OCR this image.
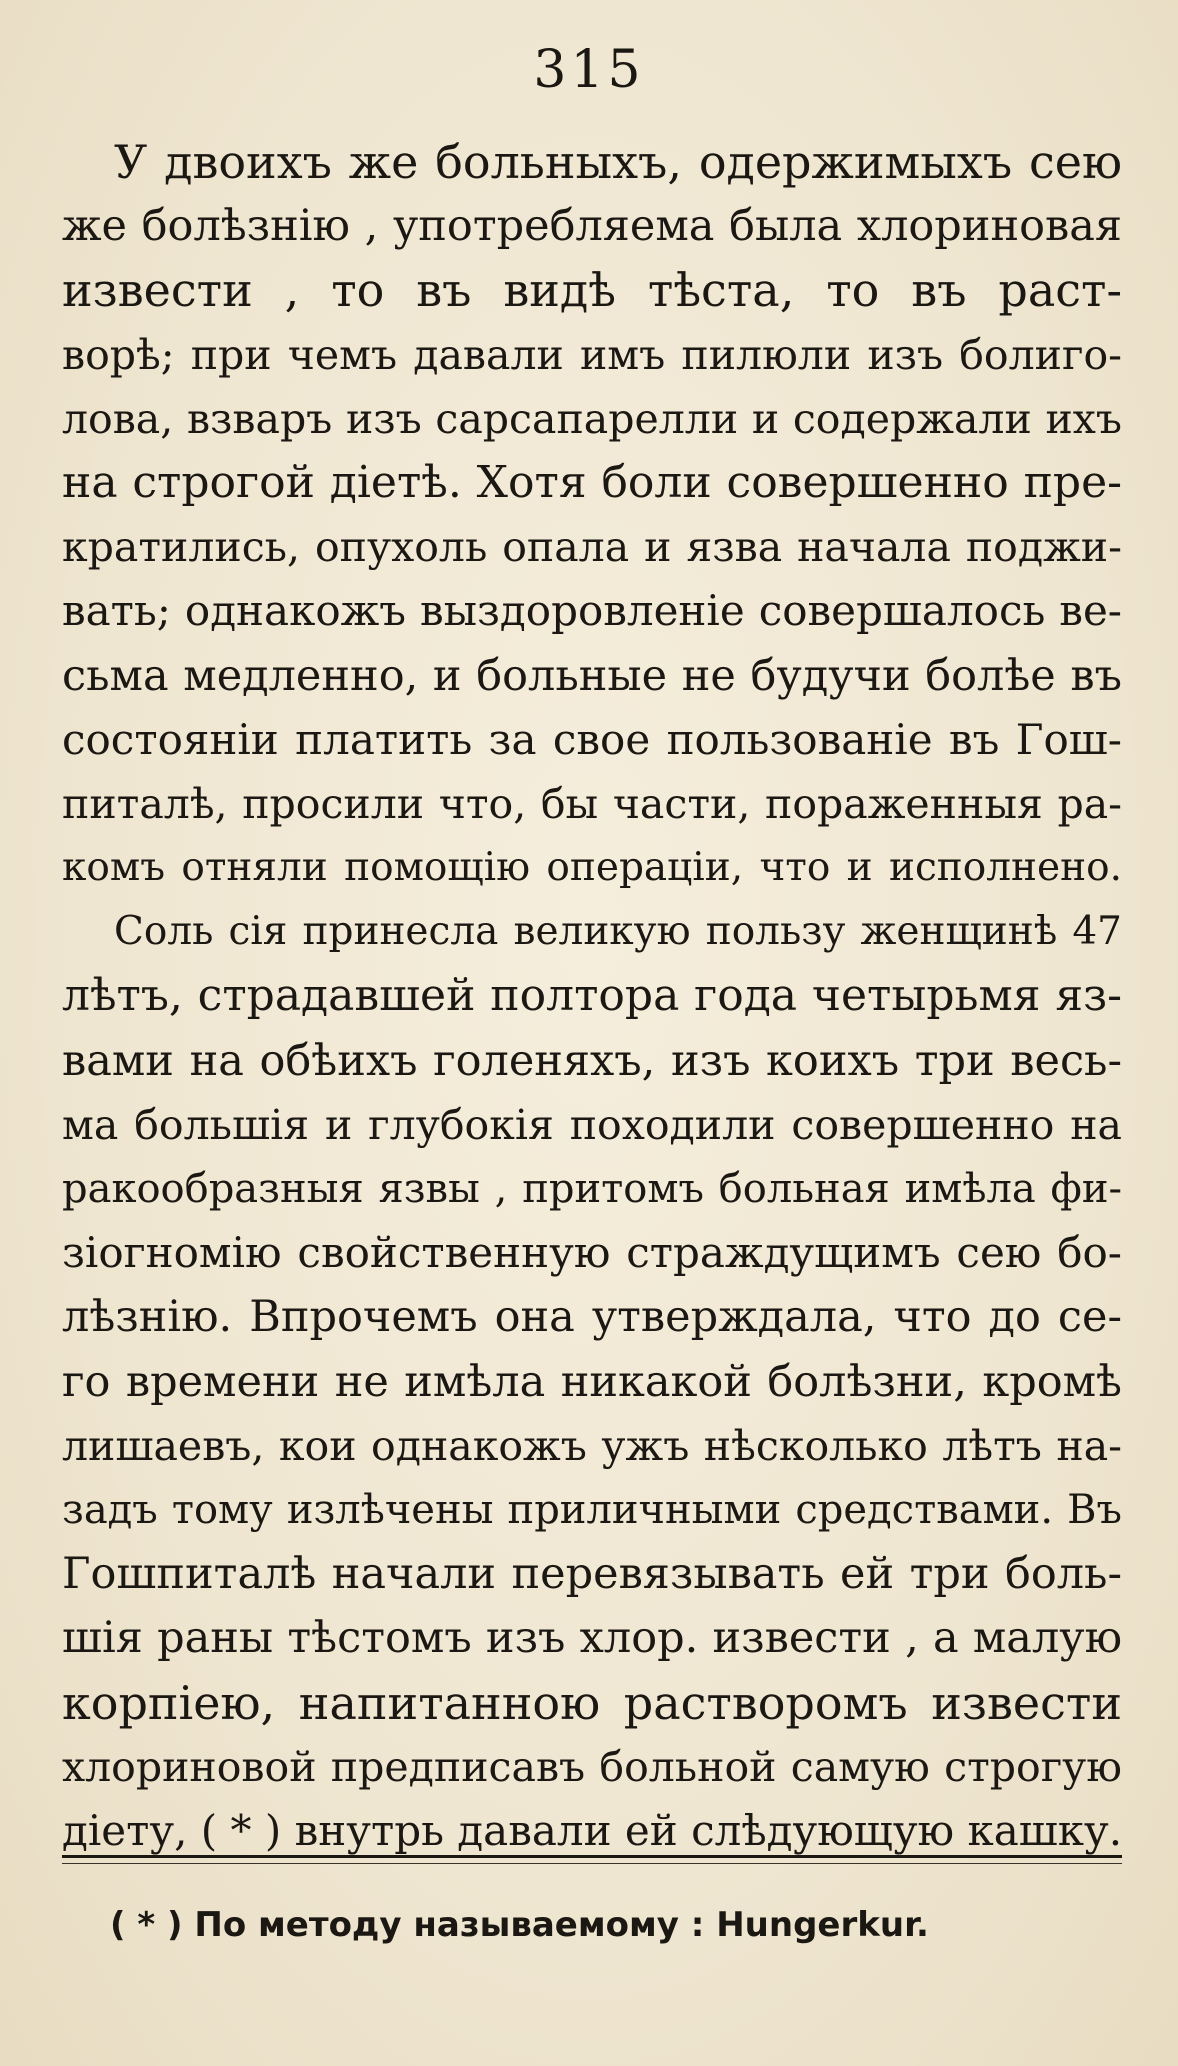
315
У двоихъ же больныхъ, одержимыхъ сею
же болѣзнію , употребляема была хлориновая
извести , то въ видѣ тѣста, то въ раст-
ворѣ; при чемъ давали имъ пилюли изъ болиго-
лова, взваръ изъ сарсапарелли и содержали ихъ
на строгой діетѣ. Хотя боли совершенно пре-
кратились, опухоль опала и язва начала поджи-
вать; однакожъ выздоровленіе совершалось ве-
сьма медленно, и больные не будучи болѣе въ
состояніи платить за свое пользованіе въ Гош-
питалѣ, просили что, бы части, пораженныя ра-
комъ отняли помощію операціи, что и исполнено.
Соль сія принесла великую пользу женщинѣ 47
лѣтъ, страдавшей полтора года четырьмя яз-
вами на обѣихъ голеняхъ, изъ коихъ три весь-
ма большія и глубокія походили совершенно на
ракообразныя язвы , притомъ больная имѣла фи-
зіогномію свойственную страждущимъ сею бо-
лѣзнію. Впрочемъ она утверждала, что до се-
го времени не имѣла никакой болѣзни, кромѣ
лишаевъ, кои однакожъ ужъ нѣсколько лѣтъ на-
задъ тому излѣчены приличными средствами. Въ
Гошпиталѣ начали перевязывать ей три боль-
шія раны тѣстомъ изъ хлор. извести , а малую
корпіею, напитанною растворомъ извести
хлориновой предписавъ больной самую строгую
діету, ( * ) внутрь давали ей слѣдующую кашку.
( * ) По методу называемому : Hungerkur.
